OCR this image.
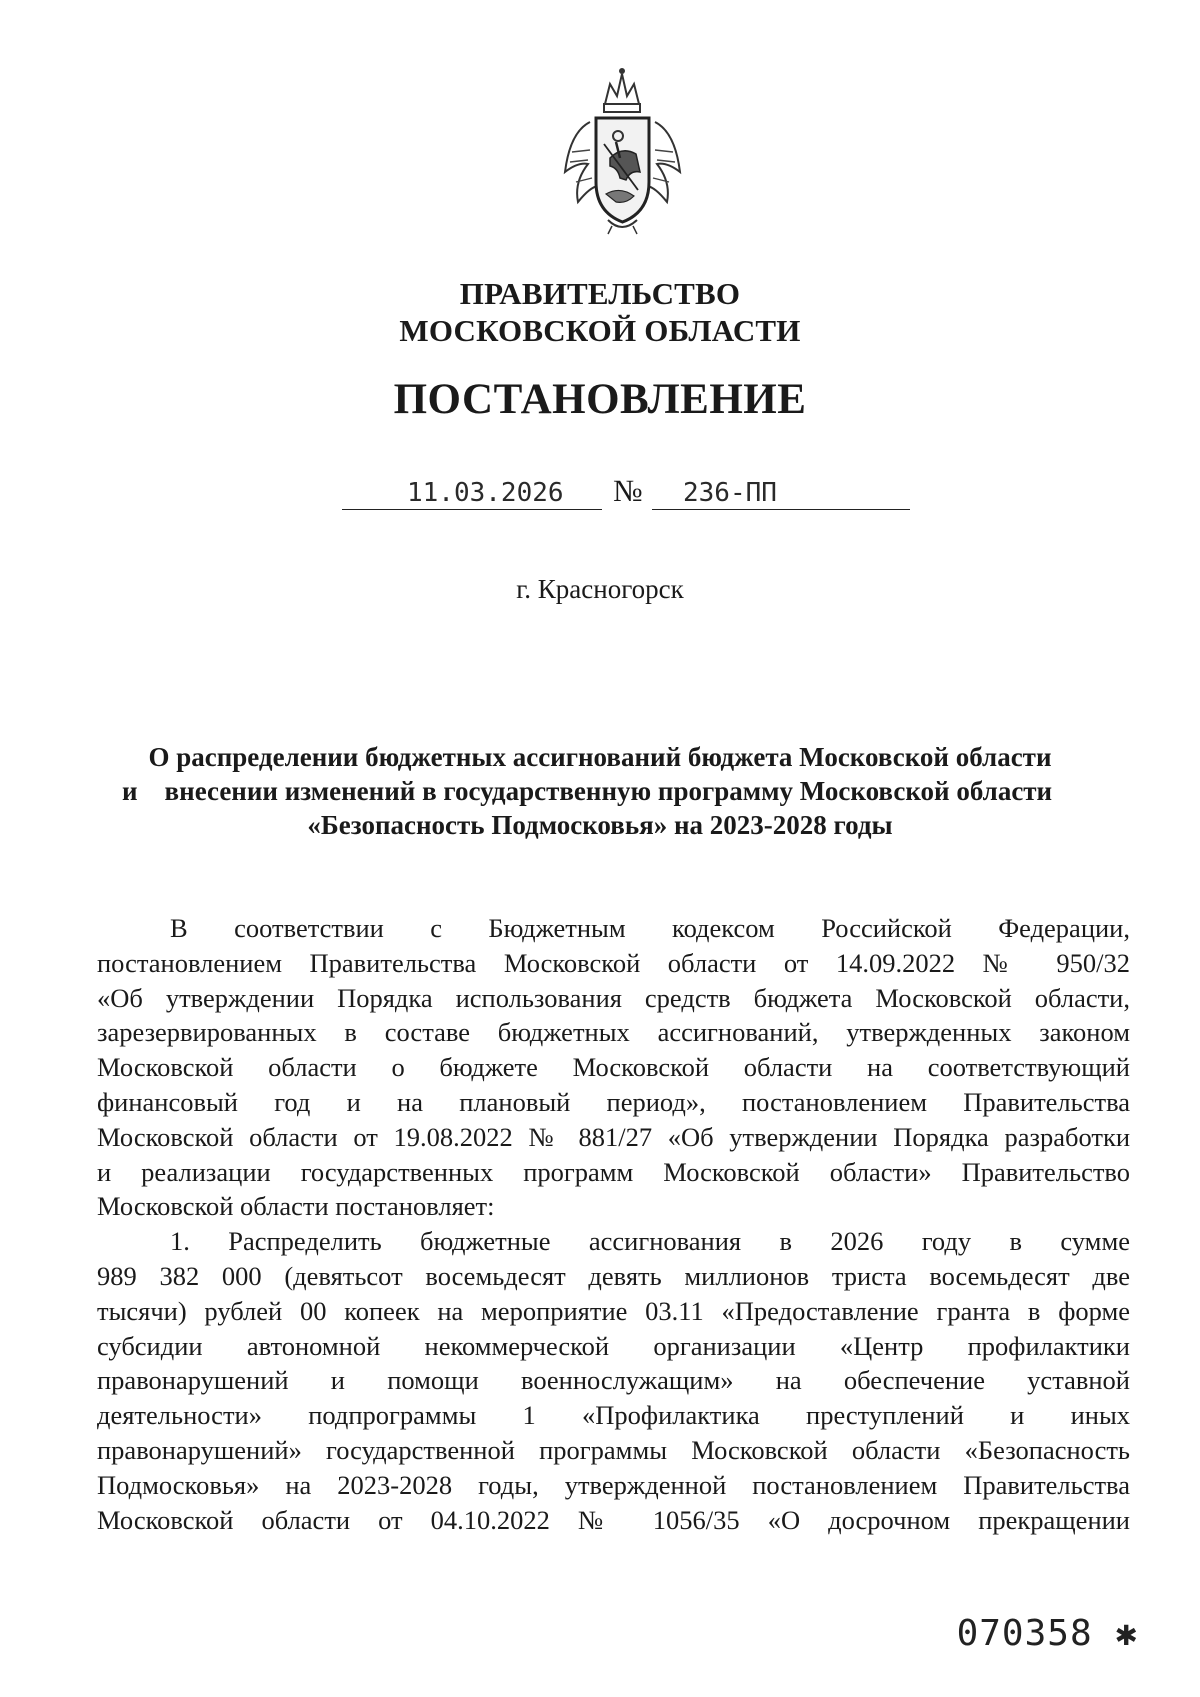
ПРАВИТЕЛЬСТВО
МОСКОВСКОЙ ОБЛАСТИ
ПОСТАНОВЛЕНИЕ
11.03.2026 № 236-ПП
г. Красногорск
О распределении бюджетных ассигнований бюджета Московской области
и    внесении изменений в государственную программу Московской области
«Безопасность Подмосковья» на 2023-2028 годы
В соответствии с Бюджетным кодексом Российской Федерации,
постановлением Правительства Московской области от 14.09.2022 № 950/32
«Об утверждении Порядка использования средств бюджета Московской области,
зарезервированных в составе бюджетных ассигнований, утвержденных законом
Московской области о бюджете Московской области на соответствующий
финансовый год и на плановый период», постановлением Правительства
Московской области от 19.08.2022 № 881/27 «Об утверждении Порядка разработки
и реализации государственных программ Московской области» Правительство
Московской области постановляет:
1. Распределить бюджетные ассигнования в 2026 году в сумме
989 382 000 (девятьсот восемьдесят девять миллионов триста восемьдесят две
тысячи) рублей 00 копеек на мероприятие 03.11 «Предоставление гранта в форме
субсидии автономной некоммерческой организации «Центр профилактики
правонарушений и помощи военнослужащим» на обеспечение уставной
деятельности» подпрограммы 1 «Профилактика преступлений и иных
правонарушений» государственной программы Московской области «Безопасность
Подмосковья» на 2023-2028 годы, утвержденной постановлением Правительства
Московской области от 04.10.2022 № 1056/35 «О досрочном прекращении
070358 ✱
